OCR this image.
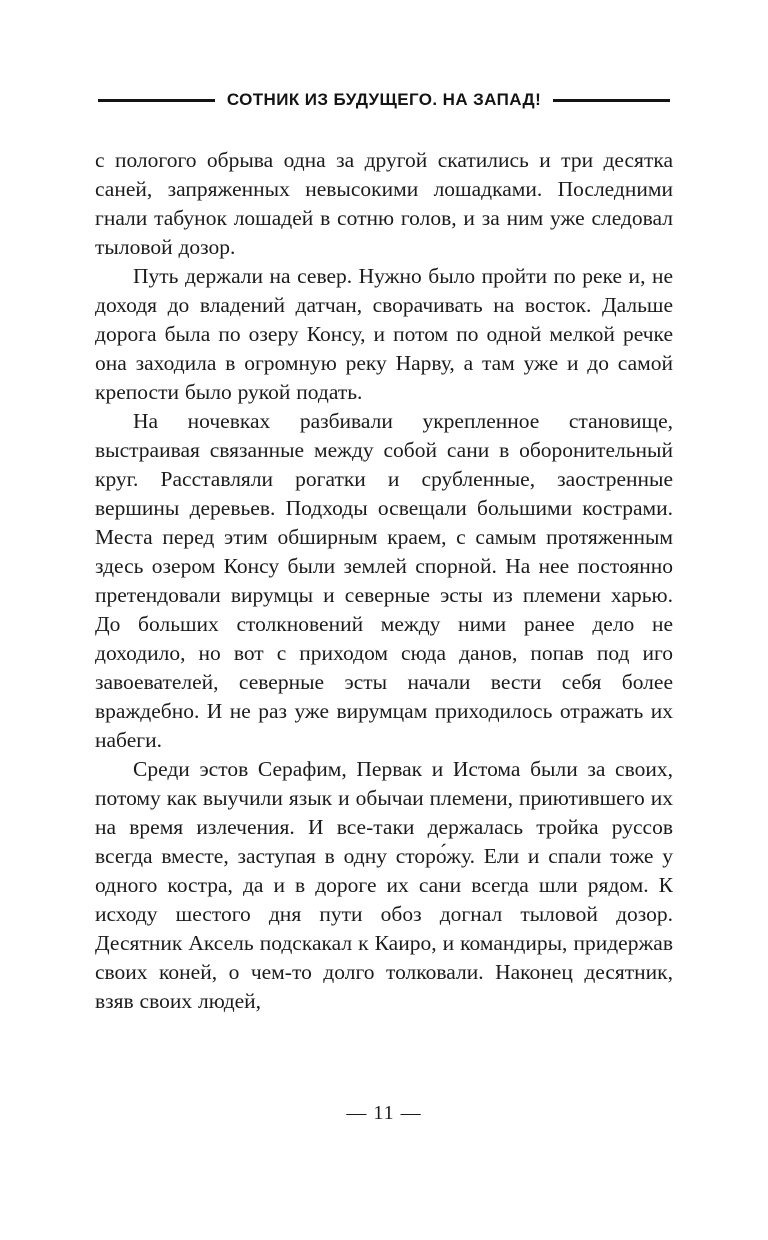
СОТНИК ИЗ БУДУЩЕГО. НА ЗАПАД!

с пологого обрыва одна за другой скатились и три десятка саней, запряженных невысокими лошадками. Последними гнали табунок лошадей в сотню голов, и за ним уже следовал тыловой дозор.

Путь держали на север. Нужно было пройти по реке и, не доходя до владений датчан, сворачивать на восток. Дальше дорога была по озеру Консу, и потом по одной мелкой речке она заходила в огромную реку Нарву, а там уже и до самой крепости было рукой подать.

На ночевках разбивали укрепленное становище, выстраивая связанные между собой сани в оборонительный круг. Расставляли рогатки и срубленные, заостренные вершины деревьев. Подходы освещали большими кострами. Места перед этим обширным краем, с самым протяженным здесь озером Консу были землей спорной. На нее постоянно претендовали вирумцы и северные эсты из племени харью. До больших столкновений между ними ранее дело не доходило, но вот с приходом сюда данов, попав под иго завоевателей, северные эсты начали вести себя более враждебно. И не раз уже вирумцам приходилось отражать их набеги.

Среди эстов Серафим, Первак и Истома были за своих, потому как выучили язык и обычаи племени, приютившего их на время излечения. И все-таки держалась тройка руссов всегда вместе, заступая в одну сторо́жу. Ели и спали тоже у одного костра, да и в дороге их сани всегда шли рядом. К исходу шестого дня пути обоз догнал тыловой дозор. Десятник Аксель подскакал к Каиро, и командиры, придержав своих коней, о чем-то долго толковали. Наконец десятник, взяв своих людей,

— 11 —
